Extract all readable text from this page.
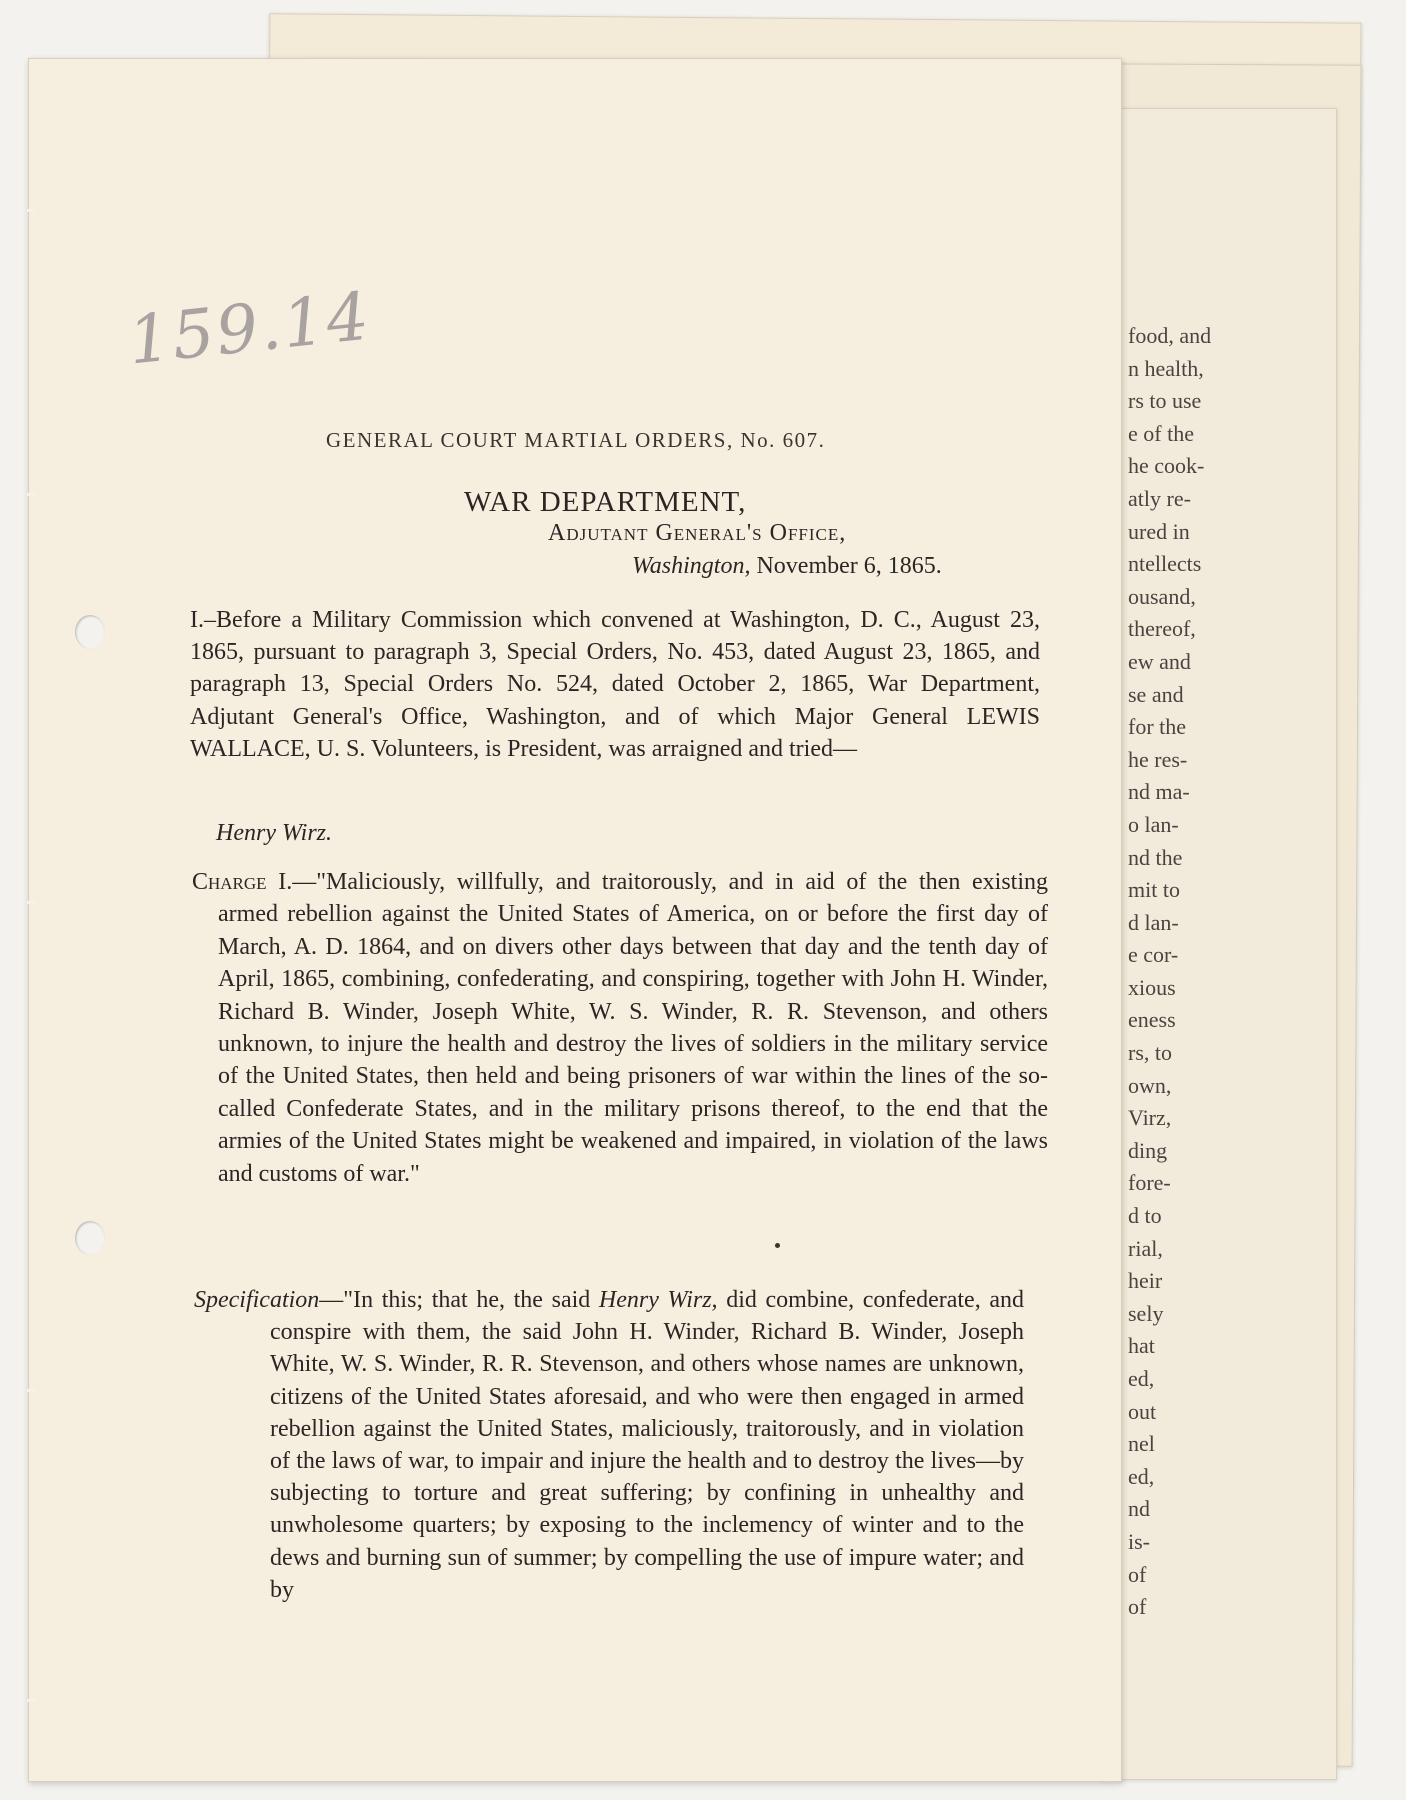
food, and
n health,
rs to use
e of the
he cook-
atly re-
ured in
ntellects
ousand,
thereof,
ew and
se and
for the
he res-
nd ma-
o lan-
nd the
mit to
d lan-
e cor-
xious
eness
rs, to
own,
Virz,
ding
fore-
d to
rial,
heir
sely
hat
ed,
out
nel
ed,
nd
is-
of
of
159.14
GENERAL COURT MARTIAL ORDERS, No. 607.
WAR DEPARTMENT,
Adjutant General's Office,
Washington, November 6, 1865.
I.–Before a Military Commission which convened at Washington, D. C., August 23, 1865, pursuant to paragraph 3, Special Orders, No. 453, dated August 23, 1865, and paragraph 13, Special Orders No. 524, dated October 2, 1865, War Department, Adjutant General's Office, Washington, and of which Major General LEWIS WALLACE, U. S. Volunteers, is President, was arraigned and tried—
Henry Wirz.
Charge I.—"Maliciously, willfully, and traitorously, and in aid of the then existing armed rebellion against the United States of America, on or before the first day of March, A. D. 1864, and on divers other days between that day and the tenth day of April, 1865, combining, confederating, and conspiring, together with John H. Winder, Richard B. Winder, Joseph White, W. S. Winder, R. R. Stevenson, and others unknown, to injure the health and destroy the lives of soldiers in the military service of the United States, then held and being prisoners of war within the lines of the so-called Confederate States, and in the military prisons thereof, to the end that the armies of the United States might be weakened and impaired, in violation of the laws and customs of war."
Specification—"In this; that he, the said Henry Wirz, did combine, confederate, and conspire with them, the said John H. Winder, Richard B. Winder, Joseph White, W. S. Winder, R. R. Stevenson, and others whose names are unknown, citizens of the United States aforesaid, and who were then engaged in armed rebellion against the United States, maliciously, traitorously, and in violation of the laws of war, to impair and injure the health and to destroy the lives—by subjecting to torture and great suffering; by confining in unhealthy and unwholesome quarters; by exposing to the inclemency of winter and to the dews and burning sun of summer; by compelling the use of impure water; and by
